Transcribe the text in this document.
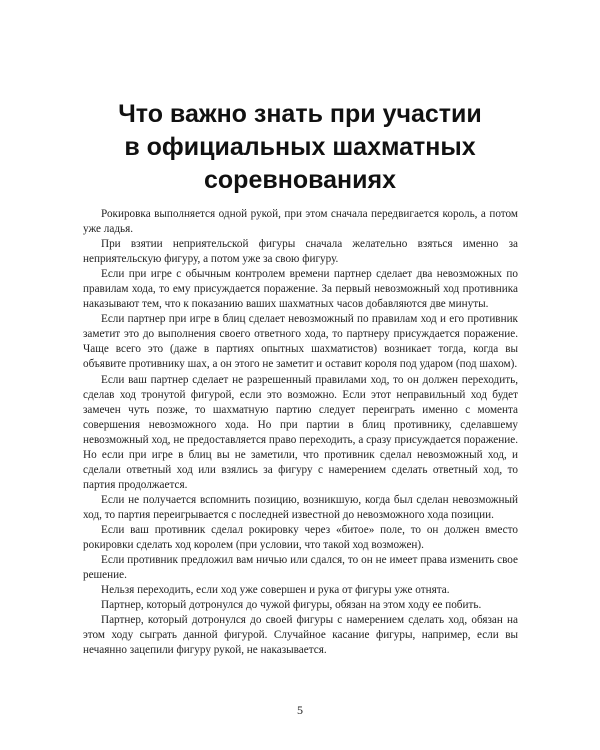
Что важно знать при участии
в официальных шахматных
соревнованиях

Рокировка выполняется одной рукой, при этом сначала передвигается король, а потом уже ладья.

При взятии неприятельской фигуры сначала желательно взяться именно за неприятельскую фигуру, а потом уже за свою фигуру.

Если при игре с обычным контролем времени партнер сделает два невозможных по правилам хода, то ему присуждается поражение. За первый невозможный ход противника наказывают тем, что к показанию ваших шахматных часов добавляются две минуты.

Если партнер при игре в блиц сделает невозможный по правилам ход и его противник заметит это до выполнения своего ответного хода, то партнеру присуждается поражение. Чаще всего это (даже в партиях опытных шахматистов) возникает тогда, когда вы объявите противнику шах, а он этого не заметит и оставит короля под ударом (под шахом).

Если ваш партнер сделает не разрешенный правилами ход, то он должен переходить, сделав ход тронутой фигурой, если это возможно. Если этот неправильный ход будет замечен чуть позже, то шахматную партию следует переиграть именно с момента совершения невозможного хода. Но при партии в блиц противнику, сделавшему невозможный ход, не предоставляется право переходить, а сразу присуждается поражение. Но если при игре в блиц вы не заметили, что противник сделал невозможный ход, и сделали ответный ход или взялись за фигуру с намерением сделать ответный ход, то партия продолжается.

Если не получается вспомнить позицию, возникшую, когда был сделан невозможный ход, то партия переигрывается с последней известной до невозможного хода позиции.

Если ваш противник сделал рокировку через «битое» поле, то он должен вместо рокировки сделать ход королем (при условии, что такой ход возможен).

Если противник предложил вам ничью или сдался, то он не имеет права изменить свое решение.

Нельзя переходить, если ход уже совершен и рука от фигуры уже отнята.

Партнер, который дотронулся до чужой фигуры, обязан на этом ходу ее побить.

Партнер, который дотронулся до своей фигуры с намерением сделать ход, обязан на этом ходу сыграть данной фигурой. Случайное касание фигуры, например, если вы нечаянно зацепили фигуру рукой, не наказывается.

5
